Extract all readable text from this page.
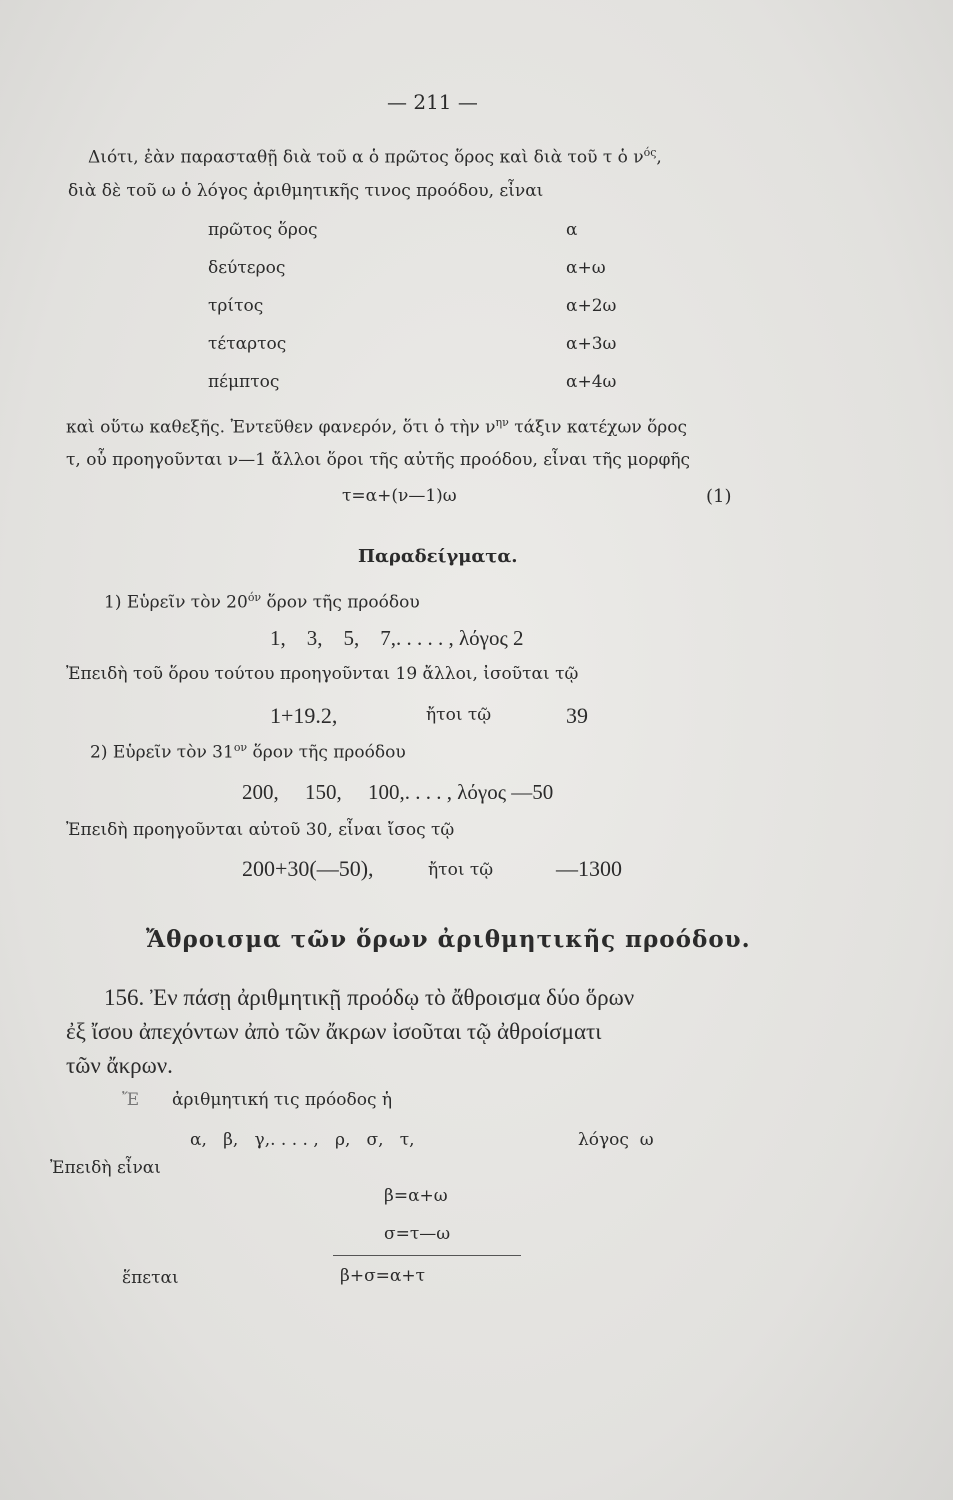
— 211 —
Διότι, ἐὰν παρασταθῇ διὰ τοῦ α ὁ πρῶτος ὅρος καὶ διὰ τοῦ τ ὁ $\nu^{ό\varsigma}$,
διὰ δὲ τοῦ ω ὁ λόγος ἀριθμητικῆς τινος προόδου, εἶναι
πρῶτος ὅρος	α
δεύτερος	α+ω
τρίτος	α+2ω
τέταρτος	α+3ω
πέμπτος	α+4ω
καὶ οὕτω καθεξῆς. Ἐντεῦθεν φανερόν, ὅτι ὁ τὴν $\nu^{\eta\nu}$ τάξιν κατέχων ὅρος
τ, οὗ προηγοῦνται ν—1 ἄλλοι ὅροι τῆς αὐτῆς προόδου, εἶναι τῆς μορφῆς
τ=α+(ν—1)ω	(1)
Παραδείγματα.
1) Εὑρεῖν τὸν $20^{ό\nu}$ ὅρον τῆς προόδου
1,    3,    5,    7,. . . . . , λόγος 2
Ἐπειδὴ τοῦ ὅρου τούτου προηγοῦνται 19 ἄλλοι, ἰσοῦται τῷ
1+19.2,	ἤτοι τῷ	39
2) Εὑρεῖν τὸν $31^{o\nu}$ ὅρον τῆς προόδου
200,     150,     100,. . . . , λόγος —50
Ἐπειδὴ προηγοῦνται αὐτοῦ 30, εἶναι ἴσος τῷ
200+30(—50),	ἤτοι τῷ	—1300
Ἄθροισμα τῶν ὅρων ἀριθμητικῆς προόδου.
156. Ἐν πάσῃ ἀριθμητικῇ προόδῳ τὸ ἄθροισμα δύο ὅρων
ἐξ ἴσου ἀπεχόντων ἀπὸ τῶν ἄκρων ἰσοῦται τῷ ἀθροίσματι
τῶν ἄκρων.
Ἔ ἀριθμητική τις πρόοδος ἡ
α,   β,   γ,. . . . ,   ρ,   σ,   τ,	λόγος  ω
Ἐπειδὴ εἶναι
β=α+ω
σ=τ—ω
ἕπεται	β+σ=α+τ
